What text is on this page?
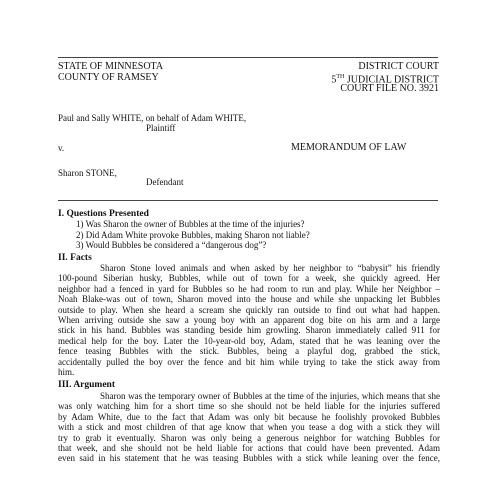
STATE OF MINNESOTA
COUNTY OF RAMSEY
DISTRICT COURT
5TH JUDICIAL DISTRICT
COURT FILE NO. 3921
Paul and Sally WHITE, on behalf of Adam WHITE,
Plaintiff
v.	MEMORANDUM OF LAW
Sharon STONE,
Defendant
I. Questions Presented
1) Was Sharon the owner of Bubbles at the time of the injuries?
2) Did Adam White provoke Bubbles, making Sharon not liable?
3) Would Bubbles be considered a “dangerous dog”?
II. Facts
Sharon Stone loved animals and when asked by her neighbor to “babysit” his friendly
100-pound Siberian husky, Bubbles, while out of town for a week, she quickly agreed. Her
neighbor had a fenced in yard for Bubbles so he had room to run and play. While her Neighbor –
Noah Blake-was out of town, Sharon moved into the house and while she unpacking let Bubbles
outside to play. When she heard a scream she quickly ran outside to find out what had happen.
When arriving outside she saw a young boy with an apparent dog bite on his arm and a large
stick in his hand. Bubbles was standing beside him growling. Sharon immediately called 911 for
medical help for the boy. Later the 10-year-old boy, Adam, stated that he was leaning over the
fence teasing Bubbles with the stick. Bubbles, being a playful dog, grabbed the stick,
accidentally pulled the boy over the fence and bit him while trying to take the stick away from
him.
III. Argument
Sharon was the temporary owner of Bubbles at the time of the injuries, which means that she
was only watching him for a short time so she should not be held liable for the injuries suffered
by Adam White, due to the fact that Adam was only bit because he foolishly provoked Bubbles
with a stick and most children of that age know that when you tease a dog with a stick they will
try to grab it eventually. Sharon was only being a generous neighbor for watching Bubbles for
that week, and she should not be held liable for actions that could have been prevented. Adam
even said in his statement that he was teasing Bubbles with a stick while leaning over the fence,
